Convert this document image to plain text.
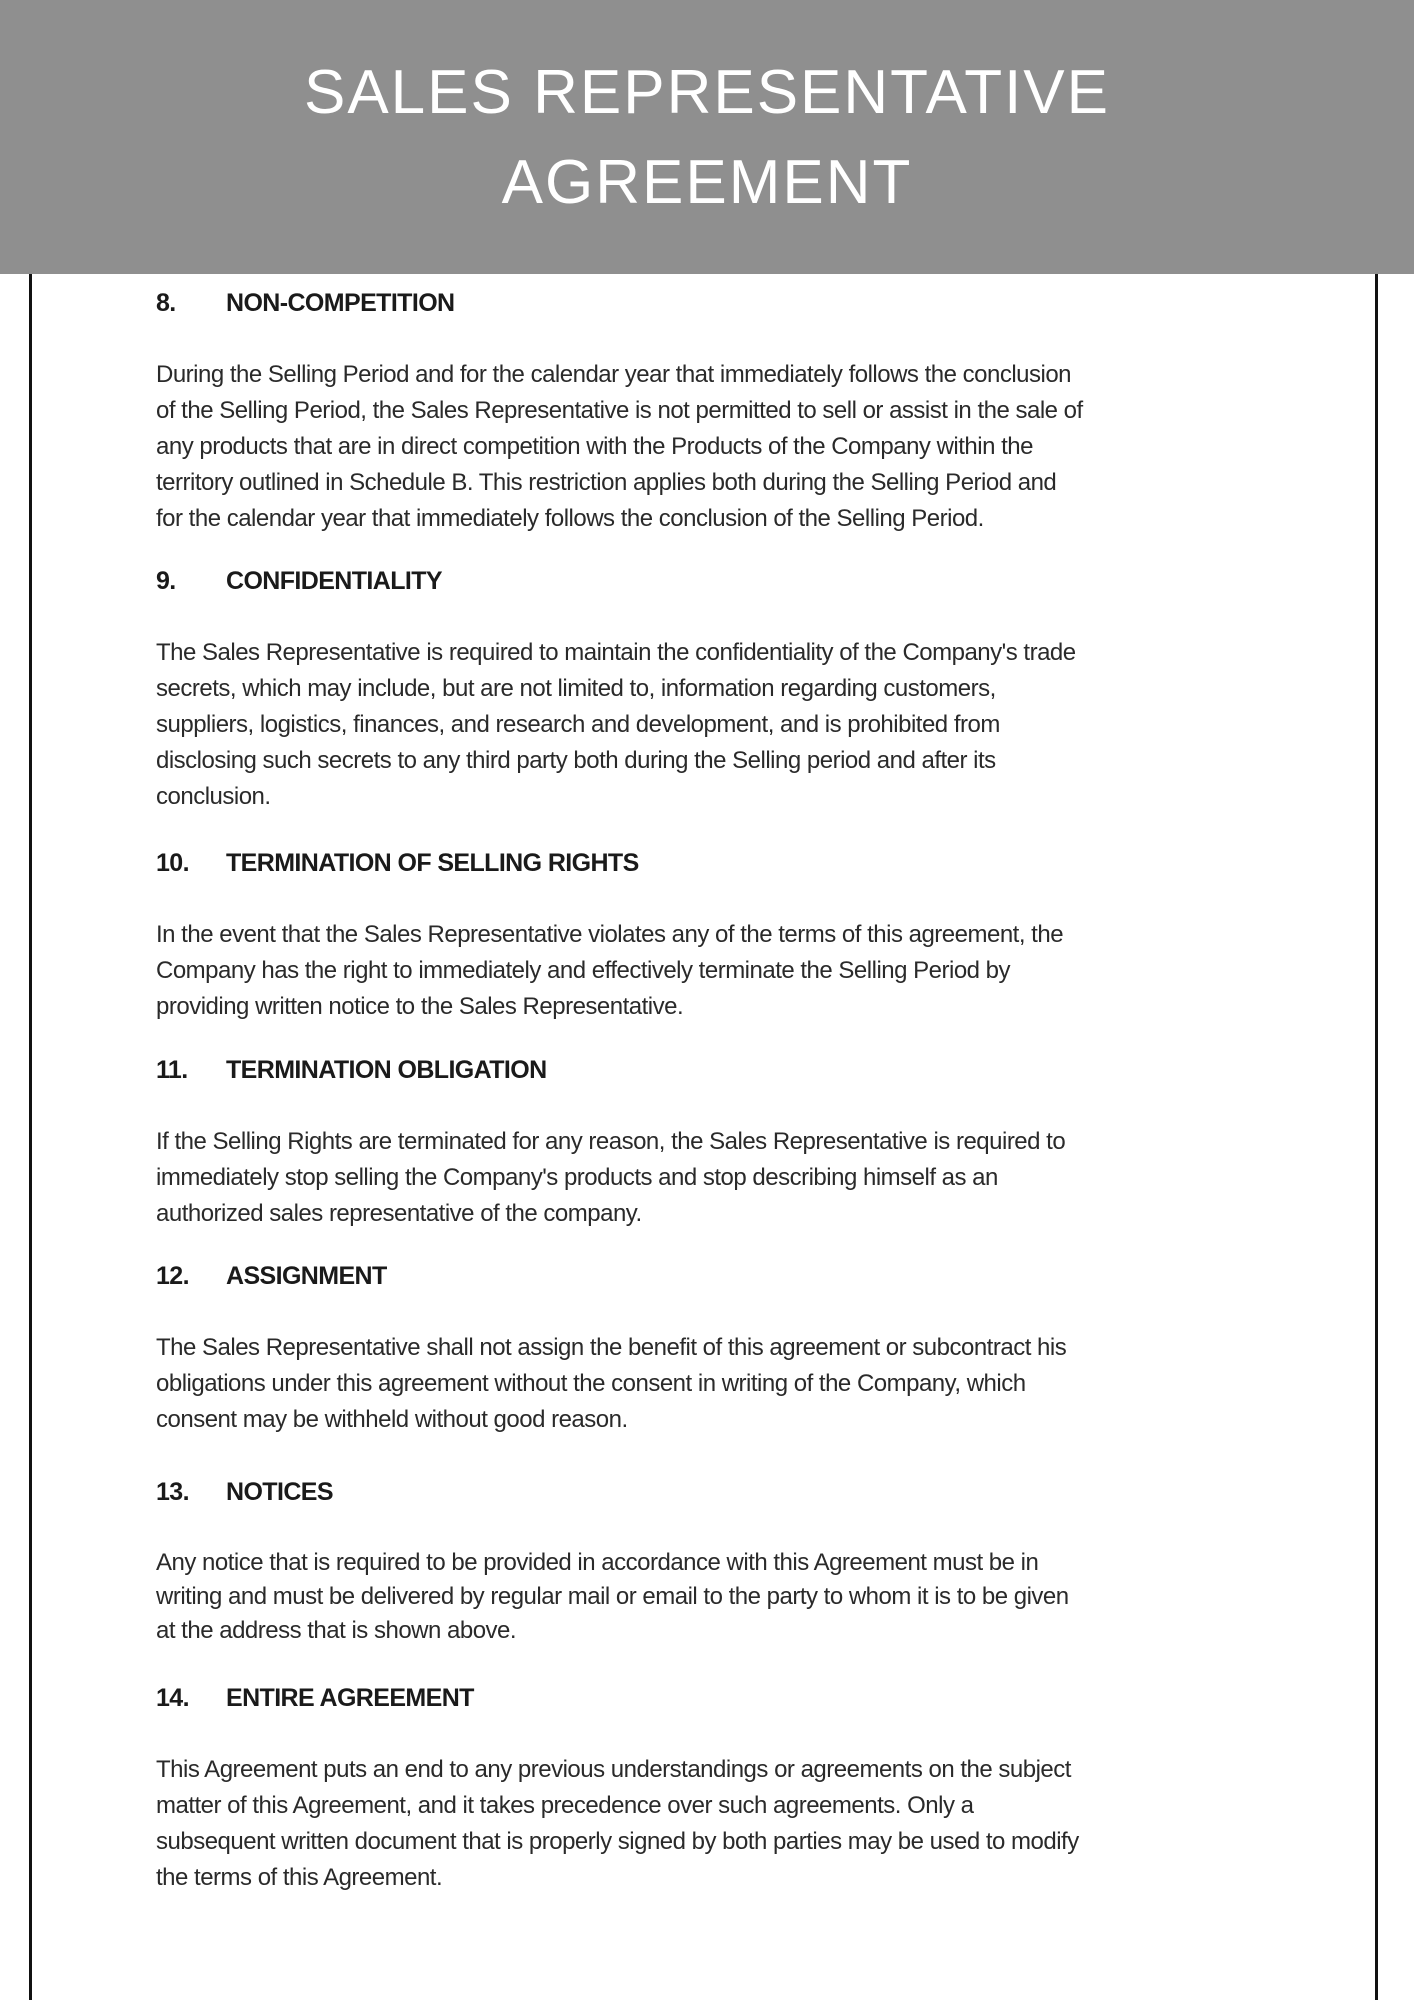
SALES REPRESENTATIVE
AGREEMENT
8. NON-COMPETITION
During the Selling Period and for the calendar year that immediately follows the conclusion
of the Selling Period, the Sales Representative is not permitted to sell or assist in the sale of
any products that are in direct competition with the Products of the Company within the
territory outlined in Schedule B. This restriction applies both during the Selling Period and
for the calendar year that immediately follows the conclusion of the Selling Period.
9. CONFIDENTIALITY
The Sales Representative is required to maintain the confidentiality of the Company's trade
secrets, which may include, but are not limited to, information regarding customers,
suppliers, logistics, finances, and research and development, and is prohibited from
disclosing such secrets to any third party both during the Selling period and after its
conclusion.
10. TERMINATION OF SELLING RIGHTS
In the event that the Sales Representative violates any of the terms of this agreement, the
Company has the right to immediately and effectively terminate the Selling Period by
providing written notice to the Sales Representative.
11. TERMINATION OBLIGATION
If the Selling Rights are terminated for any reason, the Sales Representative is required to
immediately stop selling the Company's products and stop describing himself as an
authorized sales representative of the company.
12. ASSIGNMENT
The Sales Representative shall not assign the benefit of this agreement or subcontract his
obligations under this agreement without the consent in writing of the Company, which
consent may be withheld without good reason.
13. NOTICES
Any notice that is required to be provided in accordance with this Agreement must be in
writing and must be delivered by regular mail or email to the party to whom it is to be given
at the address that is shown above.
14. ENTIRE AGREEMENT
This Agreement puts an end to any previous understandings or agreements on the subject
matter of this Agreement, and it takes precedence over such agreements. Only a
subsequent written document that is properly signed by both parties may be used to modify
the terms of this Agreement.
